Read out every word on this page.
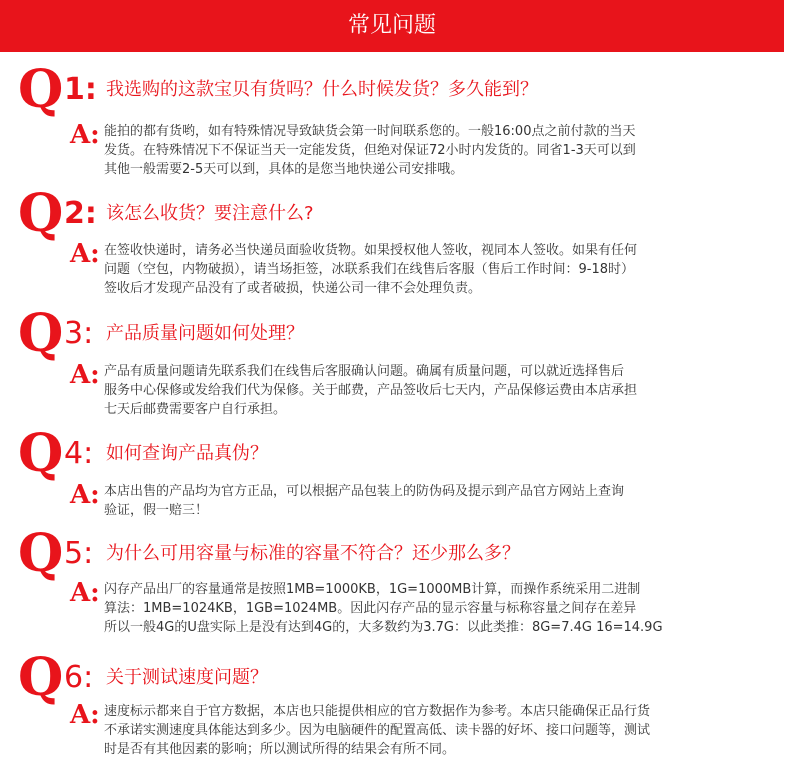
常见问题
Q 1: 我选购的这款宝贝有货吗？什么时候发货？多久能到？
A: 能拍的都有货哟，如有特殊情况导致缺货会第一时间联系您的。一般16:00点之前付款的当天
发货。在特殊情况下不保证当天一定能发货，但绝对保证72小时内发货的。同省1-3天可以到
其他一般需要2-5天可以到，具体的是您当地快递公司安排哦。
Q 2: 该怎么收货？要注意什么?
A: 在签收快递时，请务必当快递员面验收货物。如果授权他人签收，视同本人签收。如果有任何
问题（空包，内物破损），请当场拒签，冰联系我们在线售后客服（售后工作时间：9-18时）
签收后才发现产品没有了或者破损，快递公司一律不会处理负责。
Q 3: 产品质量问题如何处理？
A: 产品有质量问题请先联系我们在线售后客服确认问题。确属有质量问题，可以就近选择售后
服务中心保修或发给我们代为保修。关于邮费，产品签收后七天内，产品保修运费由本店承担
七天后邮费需要客户自行承担。
Q 4: 如何查询产品真伪？
A: 本店出售的产品均为官方正品，可以根据产品包装上的防伪码及提示到产品官方网站上查询
验证，假一赔三！
Q 5: 为什么可用容量与标准的容量不符合？还少那么多？
A: 闪存产品出厂的容量通常是按照1MB=1000KB，1G=1000MB计算，而操作系统采用二进制
算法：1MB=1024KB，1GB=1024MB。因此闪存产品的显示容量与标称容量之间存在差异
所以一般4G的U盘实际上是没有达到4G的，大多数约为3.7G：以此类推：8G=7.4G 16=14.9G
Q 6: 关于测试速度问题？
A: 速度标示都来自于官方数据，本店也只能提供相应的官方数据作为参考。本店只能确保正品行货
不承诺实测速度具体能达到多少。因为电脑硬件的配置高低、读卡器的好坏、接口问题等，测试
时是否有其他因素的影响；所以测试所得的结果会有所不同。
